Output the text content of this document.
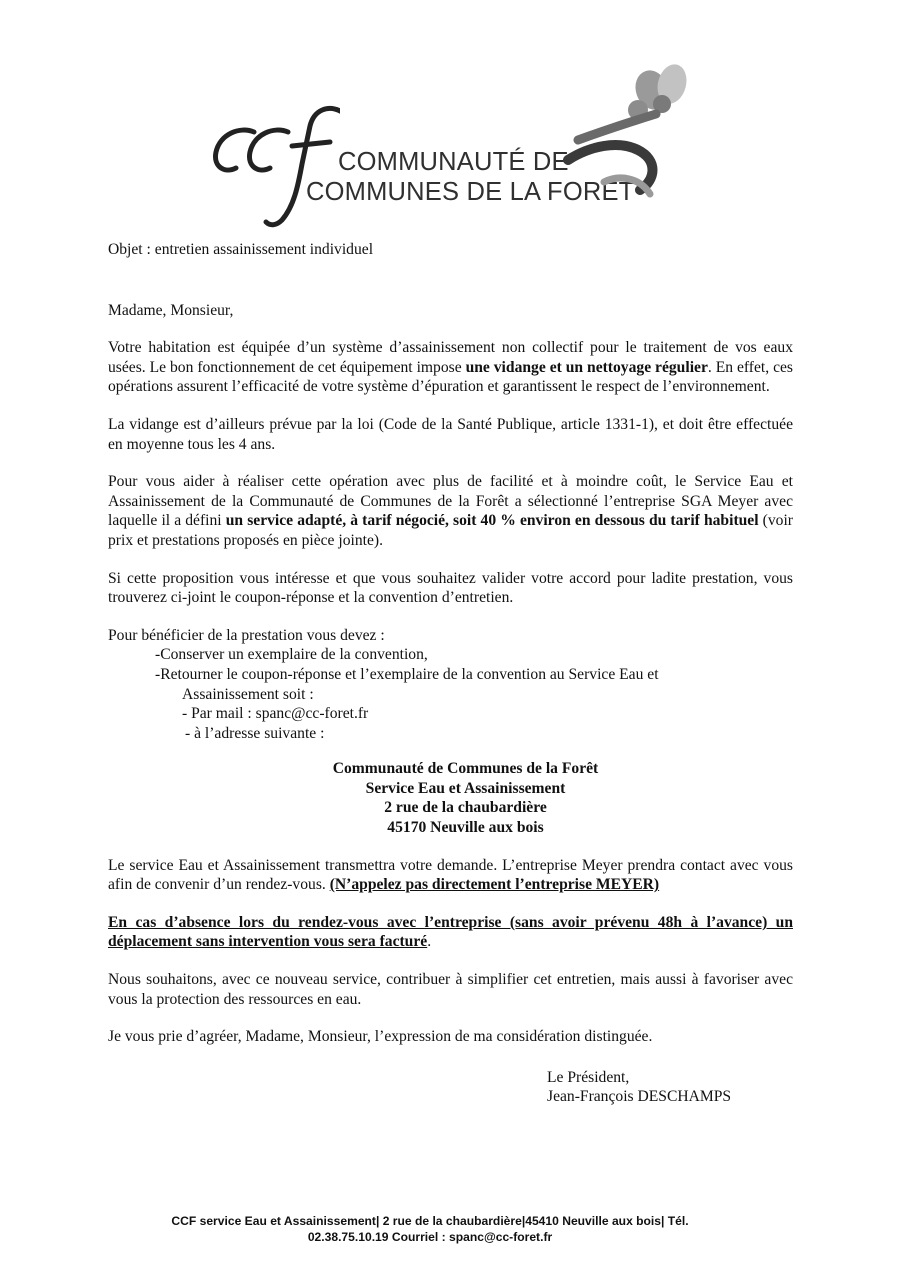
COMMUNAUTÉ DE
COMMUNES DE LA FORÊT

Objet : entretien assainissement individuel

Madame, Monsieur,

Votre habitation est équipée d’un système d’assainissement non collectif pour le traitement de vos eaux usées. Le bon fonctionnement de cet équipement impose une vidange et un nettoyage régulier. En effet, ces opérations assurent l’efficacité de votre système d’épuration et garantissent le respect de l’environnement.

La vidange est d’ailleurs prévue par la loi (Code de la Santé Publique, article 1331-1), et doit être effectuée en moyenne tous les 4 ans.

Pour vous aider à réaliser cette opération avec plus de facilité et à moindre coût, le Service Eau et Assainissement de la Communauté de Communes de la Forêt a sélectionné l’entreprise SGA Meyer avec laquelle il a défini un service adapté, à tarif négocié, soit 40 % environ en dessous du tarif habituel (voir prix et prestations proposés en pièce jointe).

Si cette proposition vous intéresse et que vous souhaitez valider votre accord pour ladite prestation, vous trouverez ci-joint le coupon-réponse et la convention d’entretien.

Pour bénéficier de la prestation vous devez :

-Conserver un exemplaire de la convention,

-Retourner le coupon-réponse et l’exemplaire de la convention au Service Eau et

Assainissement soit :

- Par mail : spanc@cc-foret.fr

- à l’adresse suivante :

Communauté de Communes de la Forêt

Service Eau et Assainissement

2 rue de la chaubardière

45170 Neuville aux bois

Le service Eau et Assainissement transmettra votre demande. L’entreprise Meyer prendra contact avec vous afin de convenir d’un rendez-vous. (N’appelez pas directement l’entreprise MEYER)

En cas d’absence lors du rendez-vous avec l’entreprise (sans avoir prévenu 48h à l’avance) un déplacement sans intervention vous sera facturé.

Nous souhaitons, avec ce nouveau service, contribuer à simplifier cet entretien, mais aussi à favoriser avec vous la protection des ressources en eau.

Je vous prie d’agréer, Madame, Monsieur, l’expression de ma considération distinguée.

Le Président,

Jean-François DESCHAMPS

CCF service Eau et Assainissement| 2 rue de la chaubardière|45410 Neuville aux bois| Tél.
02.38.75.10.19 Courriel : spanc@cc-foret.fr
